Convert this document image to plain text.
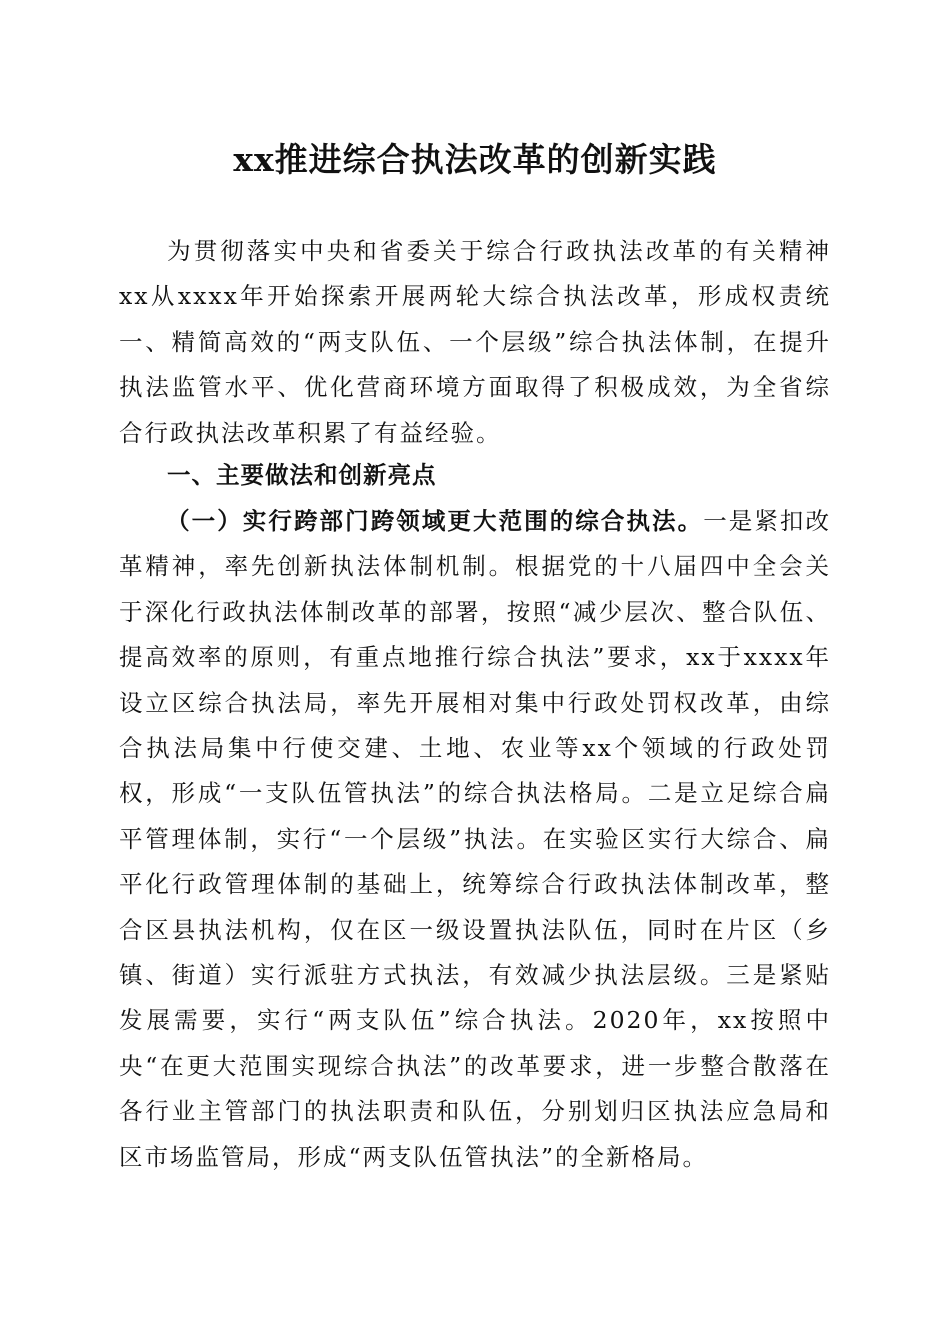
xx推进综合执法改革的创新实践

为贯彻落实中央和省委关于综合行政执法改革的有关精神xx从xxxx年开始探索开展两轮大综合执法改革，形成权责统一、精简高效的“两支队伍、一个层级”综合执法体制，在提升执法监管水平、优化营商环境方面取得了积极成效，为全省综合行政执法改革积累了有益经验。

一、主要做法和创新亮点

（一）实行跨部门跨领域更大范围的综合执法。一是紧扣改革精神，率先创新执法体制机制。根据党的十八届四中全会关于深化行政执法体制改革的部署，按照“减少层次、整合队伍、提高效率的原则，有重点地推行综合执法”要求，xx于xxxx年设立区综合执法局，率先开展相对集中行政处罚权改革，由综合执法局集中行使交建、土地、农业等xx个领域的行政处罚权，形成“一支队伍管执法”的综合执法格局。二是立足综合扁平管理体制，实行“一个层级”执法。在实验区实行大综合、扁平化行政管理体制的基础上，统筹综合行政执法体制改革，整合区县执法机构，仅在区一级设置执法队伍，同时在片区（乡镇、街道）实行派驻方式执法，有效减少执法层级。三是紧贴发展需要，实行“两支队伍”综合执法。2020年，xx按照中央“在更大范围实现综合执法”的改革要求，进一步整合散落在各行业主管部门的执法职责和队伍，分别划归区执法应急局和区市场监管局，形成“两支队伍管执法”的全新格局。
